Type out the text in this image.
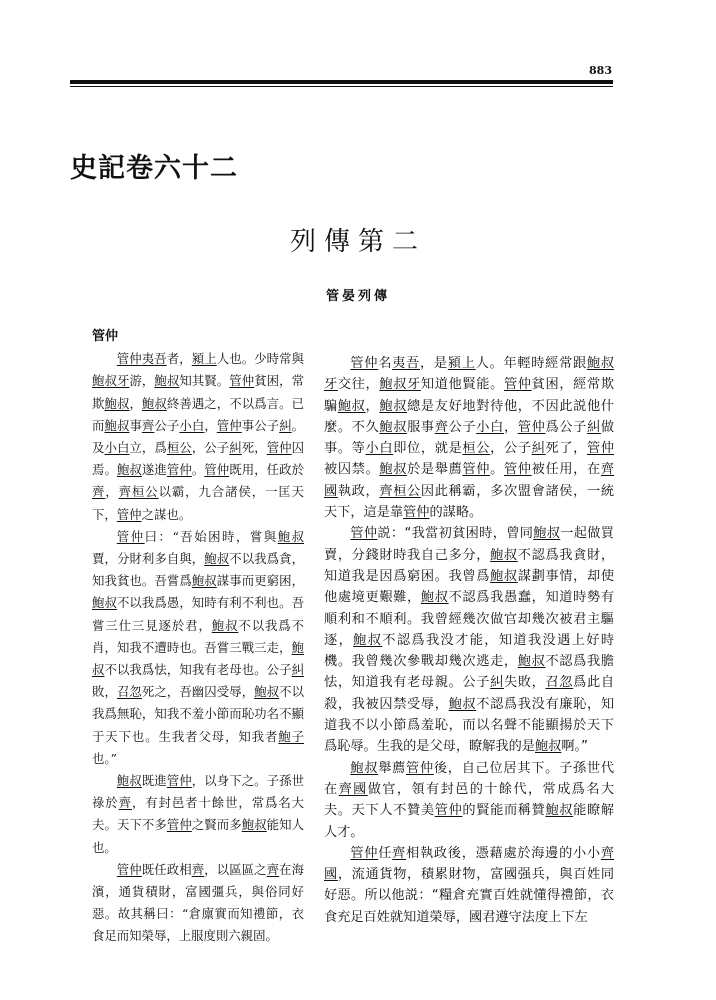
883
史記卷六十二
列傳第二
管晏列傳
管仲

管仲夷吾者，潁上人也。少時常與鮑叔牙游，鮑叔知其賢。管仲貧困，常欺鮑叔，鮑叔終善遇之，不以爲言。已而鮑叔事齊公子小白，管仲事公子糾。及小白立，爲桓公，公子糾死，管仲囚焉。鮑叔遂進管仲。管仲既用，任政於齊，齊桓公以霸，九合諸侯，一匡天下，管仲之謀也。

管仲曰：“吾始困時，嘗與鮑叔賈，分財利多自與，鮑叔不以我爲貪，知我貧也。吾嘗爲鮑叔謀事而更窮困，鮑叔不以我爲愚，知時有利不利也。吾嘗三仕三見逐於君，鮑叔不以我爲不肖，知我不遭時也。吾嘗三戰三走，鮑叔不以我爲怯，知我有老母也。公子糾敗，召忽死之，吾幽囚受辱，鮑叔不以我爲無恥，知我不羞小節而恥功名不顯于天下也。生我者父母，知我者鮑子也。”

鮑叔既進管仲，以身下之。子孫世祿於齊，有封邑者十餘世，常爲名大夫。天下不多管仲之賢而多鮑叔能知人也。

管仲既任政相齊，以區區之齊在海濱，通貨積財，富國彊兵，與俗同好惡。故其稱曰：“倉廪實而知禮節，衣食足而知榮辱，上服度則六親固。

管仲名夷吾，是潁上人。年輕時經常跟鮑叔牙交往，鮑叔牙知道他賢能。管仲貧困，經常欺騙鮑叔，鮑叔總是友好地對待他，不因此説他什麼。不久鮑叔服事齊公子小白，管仲爲公子糾做事。等小白即位，就是桓公，公子糾死了，管仲被囚禁。鮑叔於是舉薦管仲。管仲被任用，在齊國執政，齊桓公因此稱霸，多次盟會諸侯，一統天下，這是靠管仲的謀略。

管仲説：“我當初貧困時，曾同鮑叔一起做買賣，分錢財時我自己多分，鮑叔不認爲我貪財，知道我是因爲窮困。我曾爲鮑叔謀劃事情，却使他處境更艱難，鮑叔不認爲我愚蠢，知道時勢有順利和不順利。我曾經幾次做官却幾次被君主驅逐，鮑叔不認爲我没才能，知道我没遇上好時機。我曾幾次參戰却幾次逃走，鮑叔不認爲我膽怯，知道我有老母親。公子糾失敗，召忽爲此自殺，我被囚禁受辱，鮑叔不認爲我没有廉恥，知道我不以小節爲羞恥，而以名聲不能顯揚於天下爲恥辱。生我的是父母，瞭解我的是鮑叔啊。”

鮑叔舉薦管仲後，自己位居其下。子孫世代在齊國做官，領有封邑的十餘代，常成爲名大夫。天下人不贊美管仲的賢能而稱贊鮑叔能瞭解人才。

管仲任齊相執政後，憑藉處於海邊的小小齊國，流通貨物，積累財物，富國强兵，與百姓同好惡。所以他説：“糧倉充實百姓就懂得禮節，衣食充足百姓就知道榮辱，國君遵守法度上下左
